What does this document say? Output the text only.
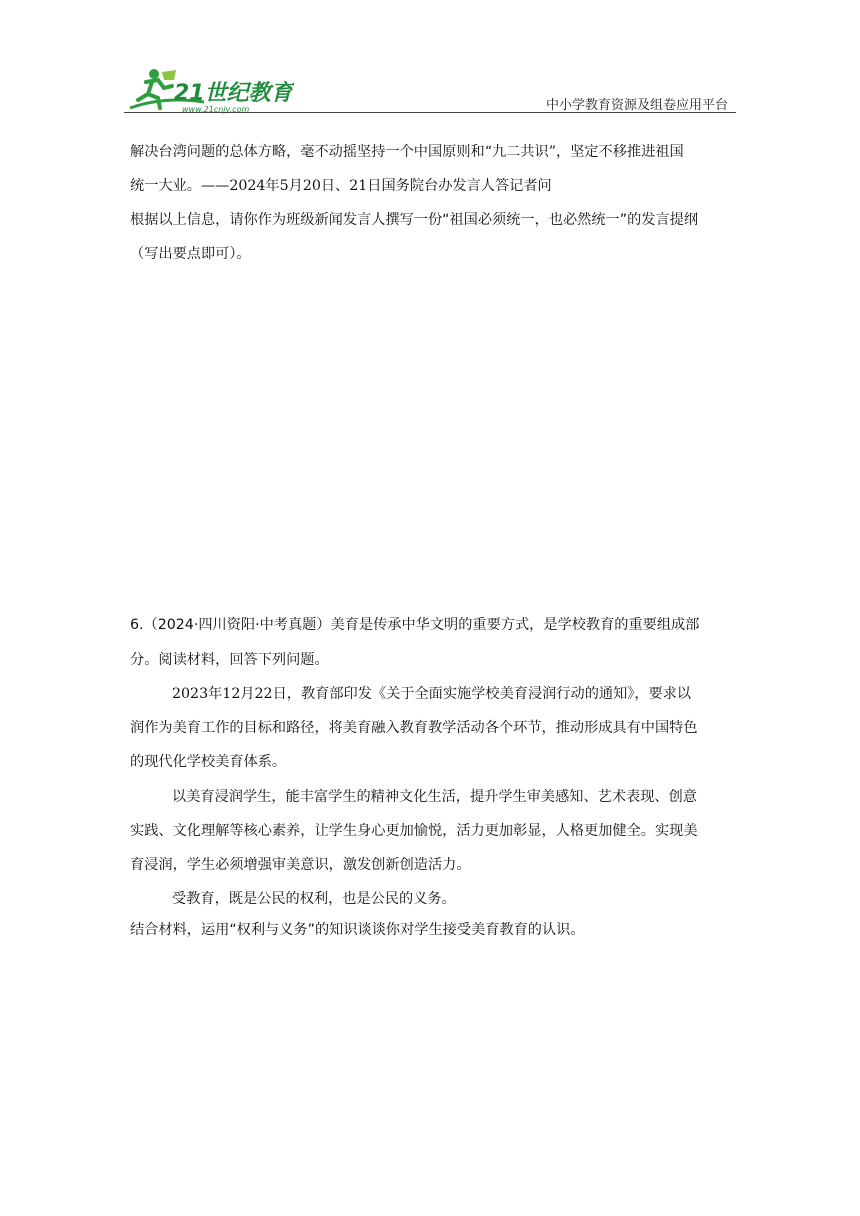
21世纪教育
www.21cnjy.com	中小学教育资源及组卷应用平台
解决台湾问题的总体方略，毫不动摇坚持一个中国原则和“九二共识”，坚定不移推进祖国
统一大业。——2024年5月20日、21日国务院台办发言人答记者问
根据以上信息，请你作为班级新闻发言人撰写一份“祖国必须统一，也必然统一”的发言提纲
（写出要点即可）。
6.（2024·四川资阳·中考真题）美育是传承中华文明的重要方式，是学校教育的重要组成部
分。阅读材料，回答下列问题。
2023年12月22日，教育部印发《关于全面实施学校美育浸润行动的通知》，要求以
润作为美育工作的目标和路径，将美育融入教育教学活动各个环节，推动形成具有中国特色
的现代化学校美育体系。
以美育浸润学生，能丰富学生的精神文化生活，提升学生审美感知、艺术表现、创意
实践、文化理解等核心素养，让学生身心更加愉悦，活力更加彰显，人格更加健全。实现美
育浸润，学生必须增强审美意识，激发创新创造活力。
受教育，既是公民的权利，也是公民的义务。
结合材料，运用“权利与义务”的知识谈谈你对学生接受美育教育的认识。
